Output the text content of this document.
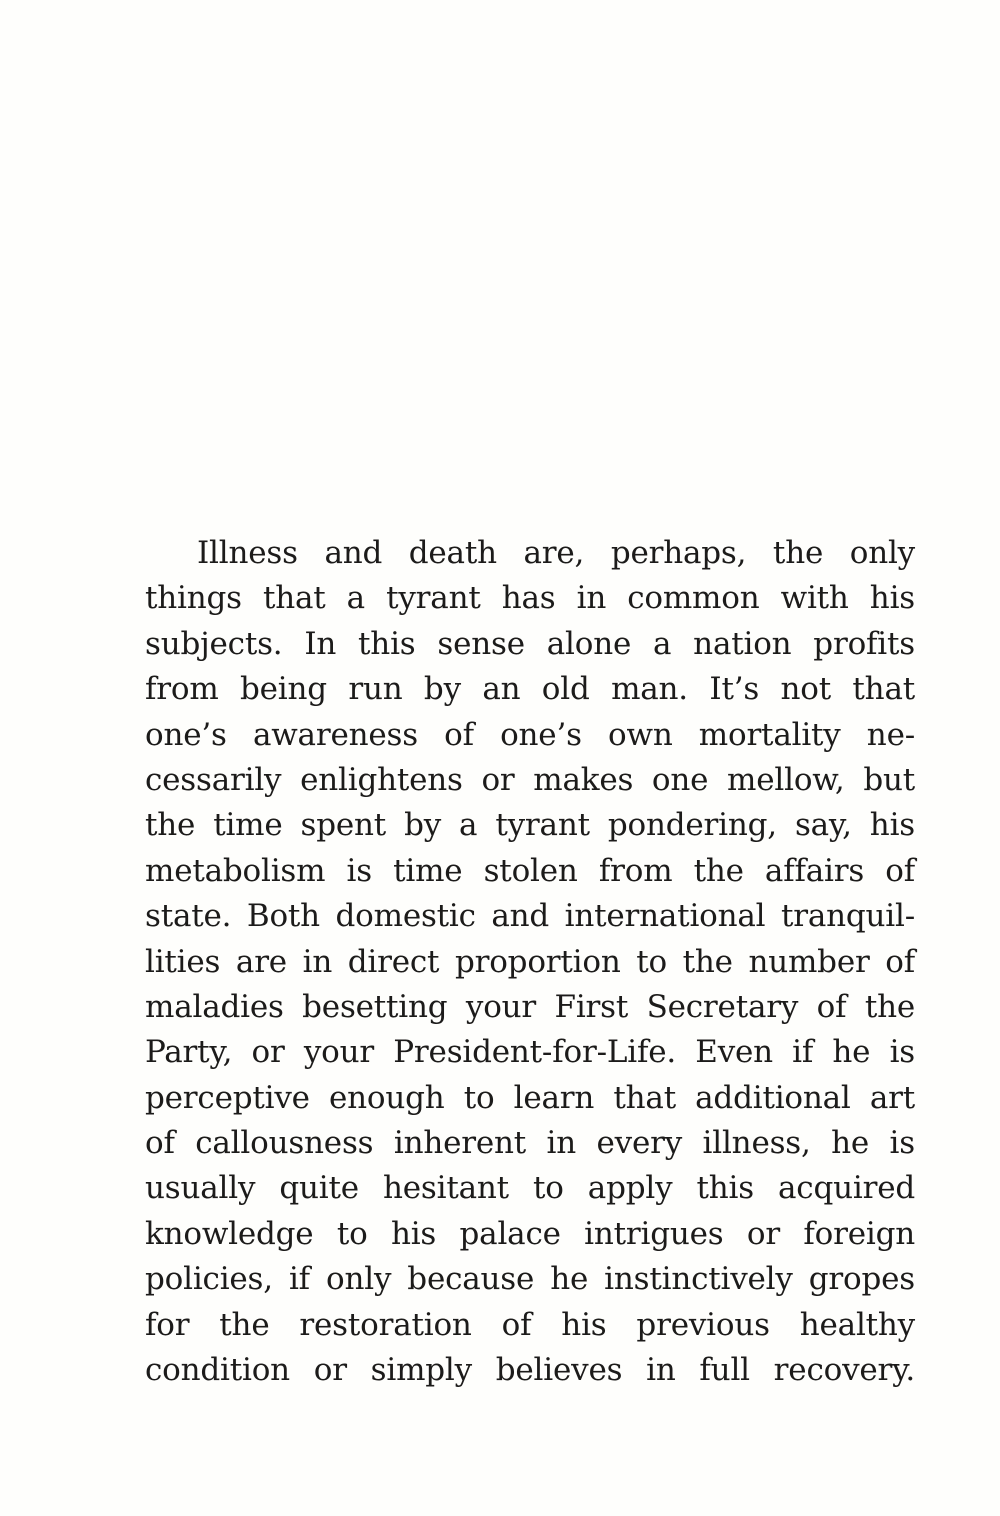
Illness and death are, perhaps, the only
things that a tyrant has in common with his
subjects. In this sense alone a nation profits
from being run by an old man. It’s not that
one’s awareness of one’s own mortality ne-
cessarily enlightens or makes one mellow, but
the time spent by a tyrant pondering, say, his
metabolism is time stolen from the affairs of
state. Both domestic and international tranquil-
lities are in direct proportion to the number of
maladies besetting your First Secretary of the
Party, or your President-for-Life. Even if he is
perceptive enough to learn that additional art
of callousness inherent in every illness, he is
usually quite hesitant to apply this acquired
knowledge to his palace intrigues or foreign
policies, if only because he instinctively gropes
for the restoration of his previous healthy
condition or simply believes in full recovery.
